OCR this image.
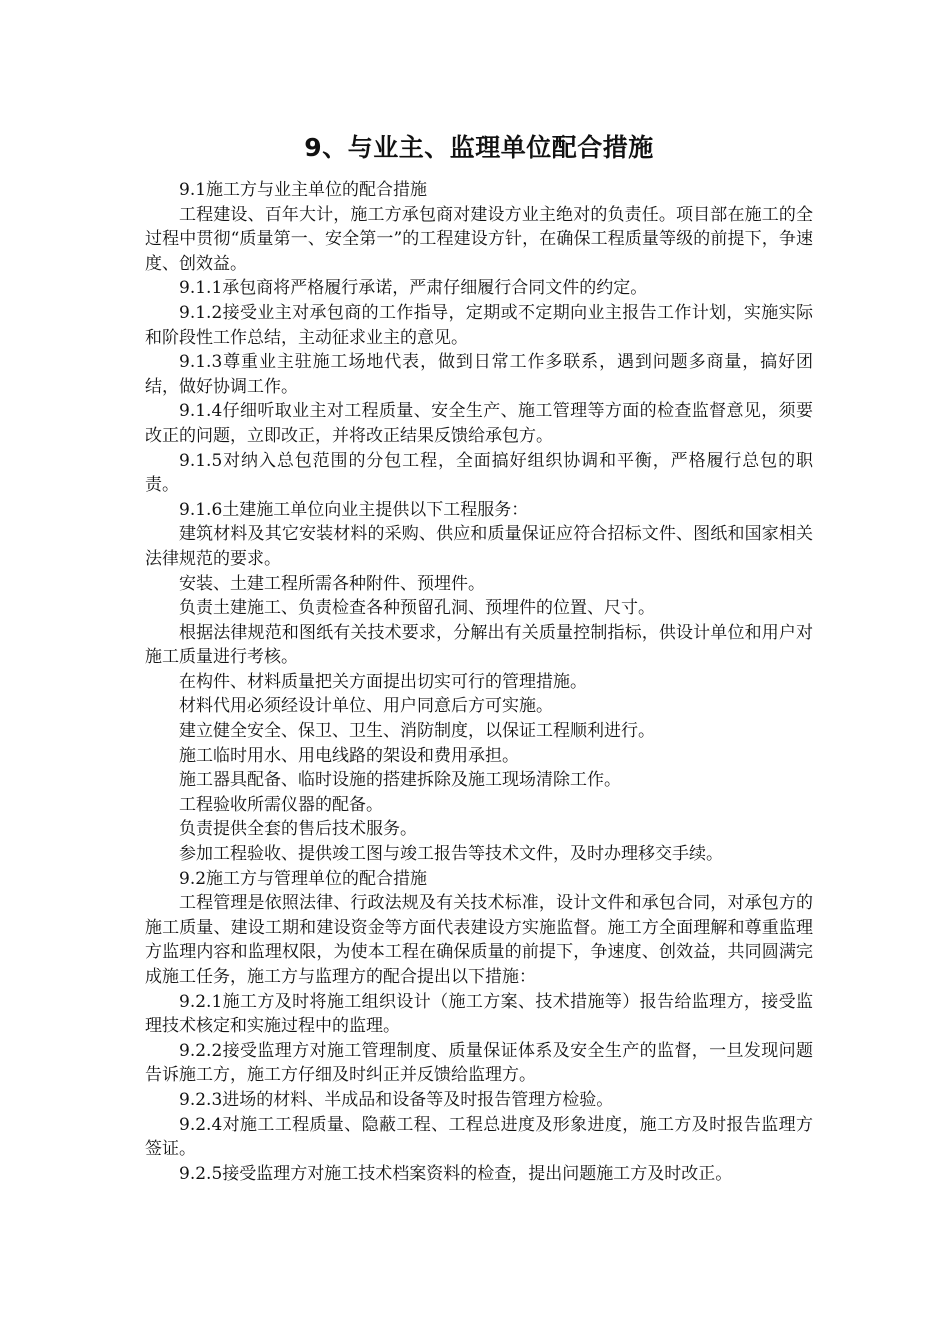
9、与业主、监理单位配合措施

9.1施工方与业主单位的配合措施

工程建设、百年大计，施工方承包商对建设方业主绝对的负责任。项目部在施工的全过程中贯彻“质量第一、安全第一”的工程建设方针，在确保工程质量等级的前提下，争速度、创效益。

9.1.1承包商将严格履行承诺，严肃仔细履行合同文件的约定。

9.1.2接受业主对承包商的工作指导，定期或不定期向业主报告工作计划，实施实际和阶段性工作总结，主动征求业主的意见。

9.1.3尊重业主驻施工场地代表，做到日常工作多联系，遇到问题多商量，搞好团结，做好协调工作。

9.1.4仔细听取业主对工程质量、安全生产、施工管理等方面的检查监督意见，须要改正的问题，立即改正，并将改正结果反馈给承包方。

9.1.5对纳入总包范围的分包工程，全面搞好组织协调和平衡，严格履行总包的职责。

9.1.6土建施工单位向业主提供以下工程服务：

建筑材料及其它安装材料的采购、供应和质量保证应符合招标文件、图纸和国家相关法律规范的要求。

安装、土建工程所需各种附件、预埋件。

负责土建施工、负责检查各种预留孔洞、预埋件的位置、尺寸。

根据法律规范和图纸有关技术要求，分解出有关质量控制指标，供设计单位和用户对施工质量进行考核。

在构件、材料质量把关方面提出切实可行的管理措施。

材料代用必须经设计单位、用户同意后方可实施。

建立健全安全、保卫、卫生、消防制度，以保证工程顺利进行。

施工临时用水、用电线路的架设和费用承担。

施工器具配备、临时设施的搭建拆除及施工现场清除工作。

工程验收所需仪器的配备。

负责提供全套的售后技术服务。

参加工程验收、提供竣工图与竣工报告等技术文件，及时办理移交手续。

9.2施工方与管理单位的配合措施

工程管理是依照法律、行政法规及有关技术标准，设计文件和承包合同，对承包方的施工质量、建设工期和建设资金等方面代表建设方实施监督。施工方全面理解和尊重监理方监理内容和监理权限，为使本工程在确保质量的前提下，争速度、创效益，共同圆满完成施工任务，施工方与监理方的配合提出以下措施：

9.2.1施工方及时将施工组织设计（施工方案、技术措施等）报告给监理方，接受监理技术核定和实施过程中的监理。

9.2.2接受监理方对施工管理制度、质量保证体系及安全生产的监督，一旦发现问题告诉施工方，施工方仔细及时纠正并反馈给监理方。

9.2.3进场的材料、半成品和设备等及时报告管理方检验。

9.2.4对施工工程质量、隐蔽工程、工程总进度及形象进度，施工方及时报告监理方签证。

9.2.5接受监理方对施工技术档案资料的检查，提出问题施工方及时改正。
